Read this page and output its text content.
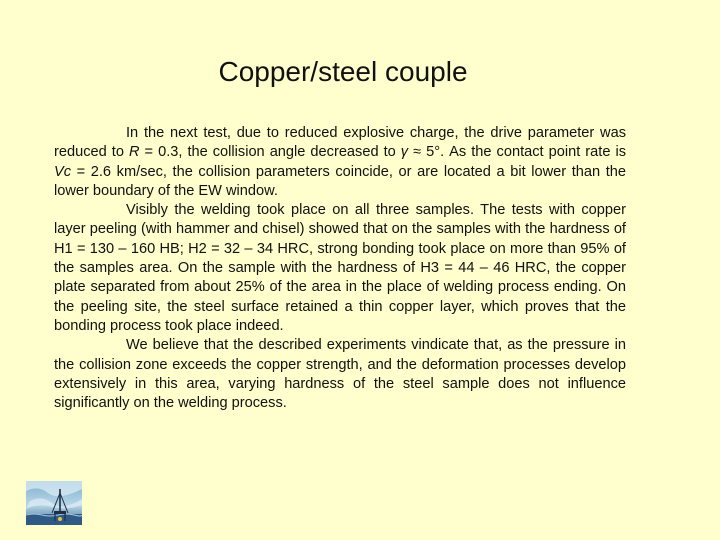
Copper/steel couple

In the next test, due to reduced explosive charge, the drive parameter was reduced to R = 0.3, the collision angle decreased to γ ≈ 5°. As the contact point rate is Vc = 2.6 km/sec, the collision parameters coincide, or are located a bit lower than the lower boundary of the EW window.

Visibly the welding took place on all three samples. The tests with copper layer peeling (with hammer and chisel) showed that on the samples with the hardness of H1 = 130 – 160 HB; H2 = 32 – 34 HRC, strong bonding took place on more than 95% of the samples area. On the sample with the hardness of H3 = 44 – 46 HRC, the copper plate separated from about 25% of the area in the place of welding process ending. On the peeling site, the steel surface retained a thin copper layer, which proves that the bonding process took place indeed.

We believe that the described experiments vindicate that, as the pressure in the collision zone exceeds the copper strength, and the deformation processes develop extensively in this area, varying hardness of the steel sample does not influence significantly on the welding process.
